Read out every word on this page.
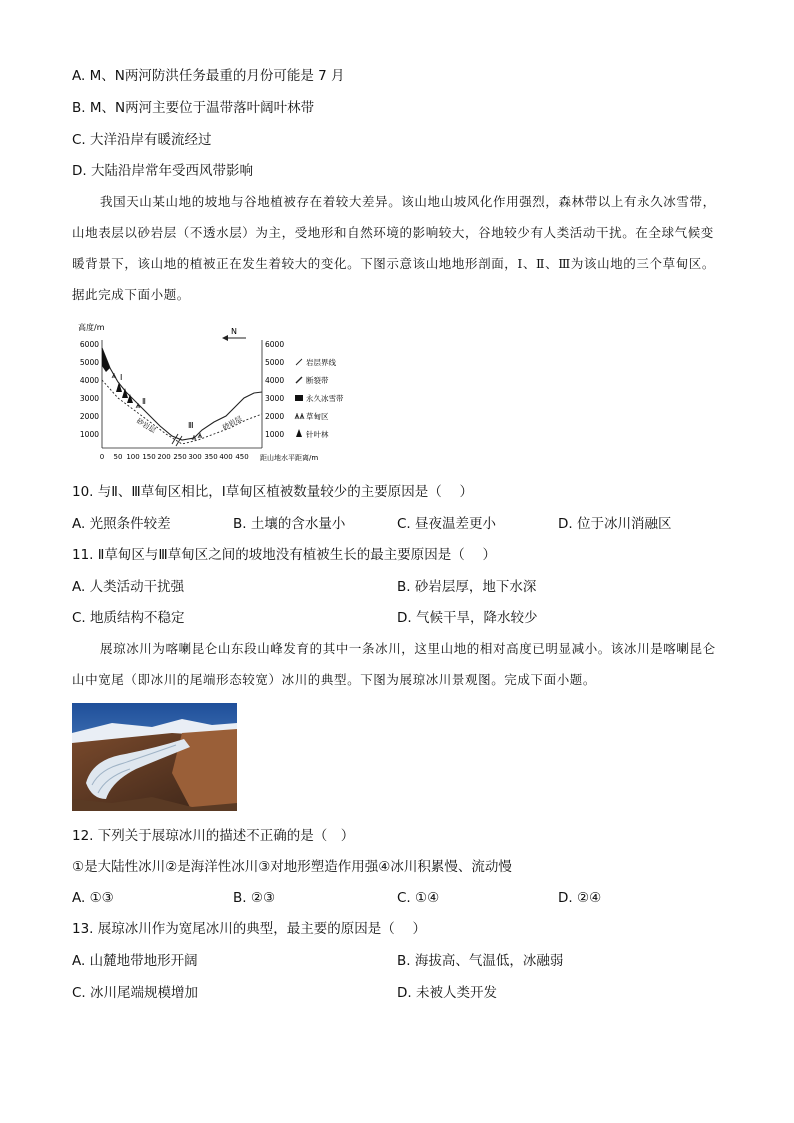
A. M、N两河防洪任务最重的月份可能是 7 月
B. M、N两河主要位于温带落叶阔叶林带
C. 大洋沿岸有暖流经过
D. 大陆沿岸常年受西风带影响
我国天山某山地的坡地与谷地植被存在着较大差异。该山地山坡风化作用强烈，森林带以上有永久冰雪带，山地表层以砂岩层（不透水层）为主，受地形和自然环境的影响较大，谷地较少有人类活动干扰。在全球气候变暖背景下，该山地的植被正在发生着较大的变化。下图示意该山地地形剖面，Ⅰ、Ⅱ、Ⅲ为该山地的三个草甸区。据此完成下面小题。
高度/m
6000
5000
4000
3000
2000
1000
6000
5000
4000
3000
2000
1000
0 50 100 150 200 250 300 350 400 450 距山地水平距离/m
N
砂岩层	砂岩层
Ⅰ
Ⅱ
Ⅲ
岩层界线
断裂带
永久冰雪带
草甸区
针叶林
10. 与Ⅱ、Ⅲ草甸区相比，Ⅰ草甸区植被数量较少的主要原因是（　 ）
A. 光照条件较差	B. 土壤的含水量小	C. 昼夜温差更小	D. 位于冰川消融区
11. Ⅱ草甸区与Ⅲ草甸区之间的坡地没有植被生长的最主要原因是（　 ）
A. 人类活动干扰强	B. 砂岩层厚，地下水深
C. 地质结构不稳定	D. 气候干旱，降水较少
展琼冰川为喀喇昆仑山东段山峰发育的其中一条冰川，这里山地的相对高度已明显减小。该冰川是喀喇昆仑山中宽尾（即冰川的尾端形态较宽）冰川的典型。下图为展琼冰川景观图。完成下面小题。
12. 下列关于展琼冰川的描述不正确的是（　）
①是大陆性冰川②是海洋性冰川③对地形塑造作用强④冰川积累慢、流动慢
A. ①③	B. ②③	C. ①④	D. ②④
13. 展琼冰川作为宽尾冰川的典型，最主要的原因是（　 ）
A. 山麓地带地形开阔	B. 海拔高、气温低，冰融弱
C. 冰川尾端规模增加	D. 未被人类开发
